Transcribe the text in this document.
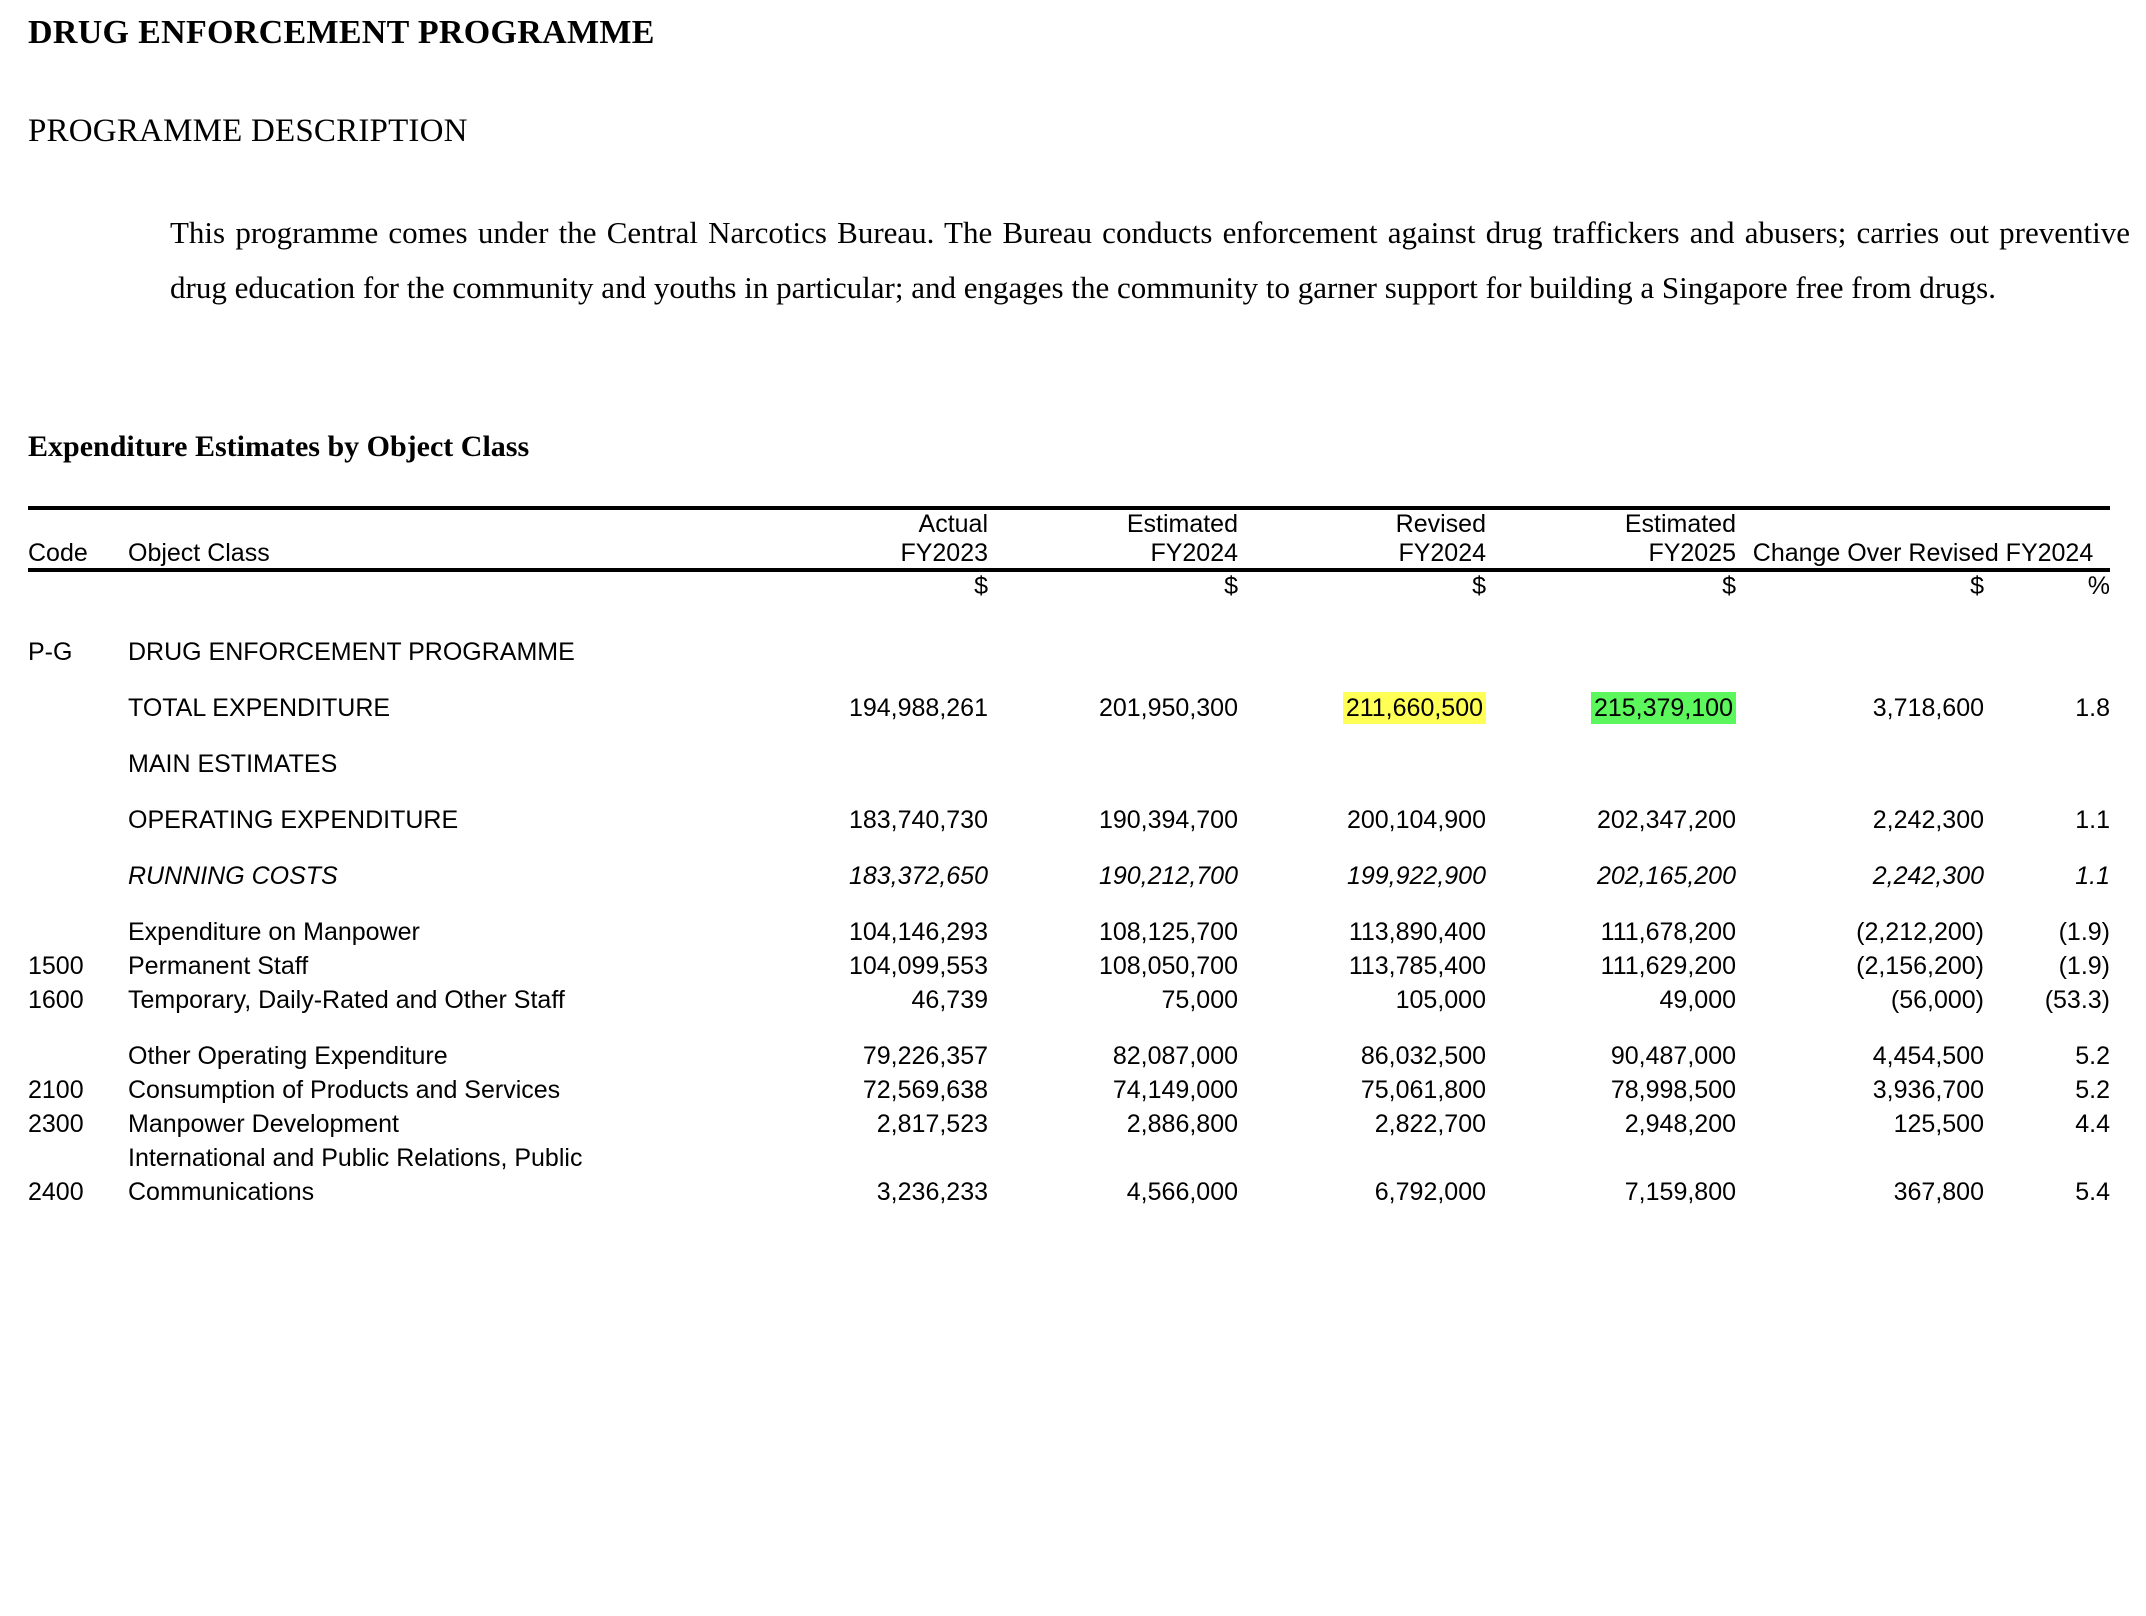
DRUG ENFORCEMENT PROGRAMME
PROGRAMME DESCRIPTION
This programme comes under the Central Narcotics Bureau. The Bureau conducts enforcement against drug traffickers and abusers; carries out preventive drug education for the community and youths in particular; and engages the community to garner support for building a Singapore free from drugs.
Expenditure Estimates by Object Class

		Actual	Estimated	Revised	Estimated		
Code	Object Class	FY2023	FY2024	FY2024	FY2025	Change Over Revised FY2024	

		$	$	$	$	$	%

P-G	DRUG ENFORCEMENT PROGRAMME						

	TOTAL EXPENDITURE	194,988,261	201,950,300	211,660,500	215,379,100	3,718,600	1.8

	MAIN ESTIMATES						

	OPERATING EXPENDITURE	183,740,730	190,394,700	200,104,900	202,347,200	2,242,300	1.1

	RUNNING COSTS	183,372,650	190,212,700	199,922,900	202,165,200	2,242,300	1.1

	Expenditure on Manpower	104,146,293	108,125,700	113,890,400	111,678,200	(2,212,200)	(1.9)
1500	Permanent Staff	104,099,553	108,050,700	113,785,400	111,629,200	(2,156,200)	(1.9)
1600	Temporary, Daily-Rated and Other Staff	46,739	75,000	105,000	49,000	(56,000)	(53.3)

	Other Operating Expenditure	79,226,357	82,087,000	86,032,500	90,487,000	4,454,500	5.2
2100	Consumption of Products and Services	72,569,638	74,149,000	75,061,800	78,998,500	3,936,700	5.2
2300	Manpower Development	2,817,523	2,886,800	2,822,700	2,948,200	125,500	4.4
2400	International and Public Relations, Public Communications	3,236,233	4,566,000	6,792,000	7,159,800	367,800	5.4
